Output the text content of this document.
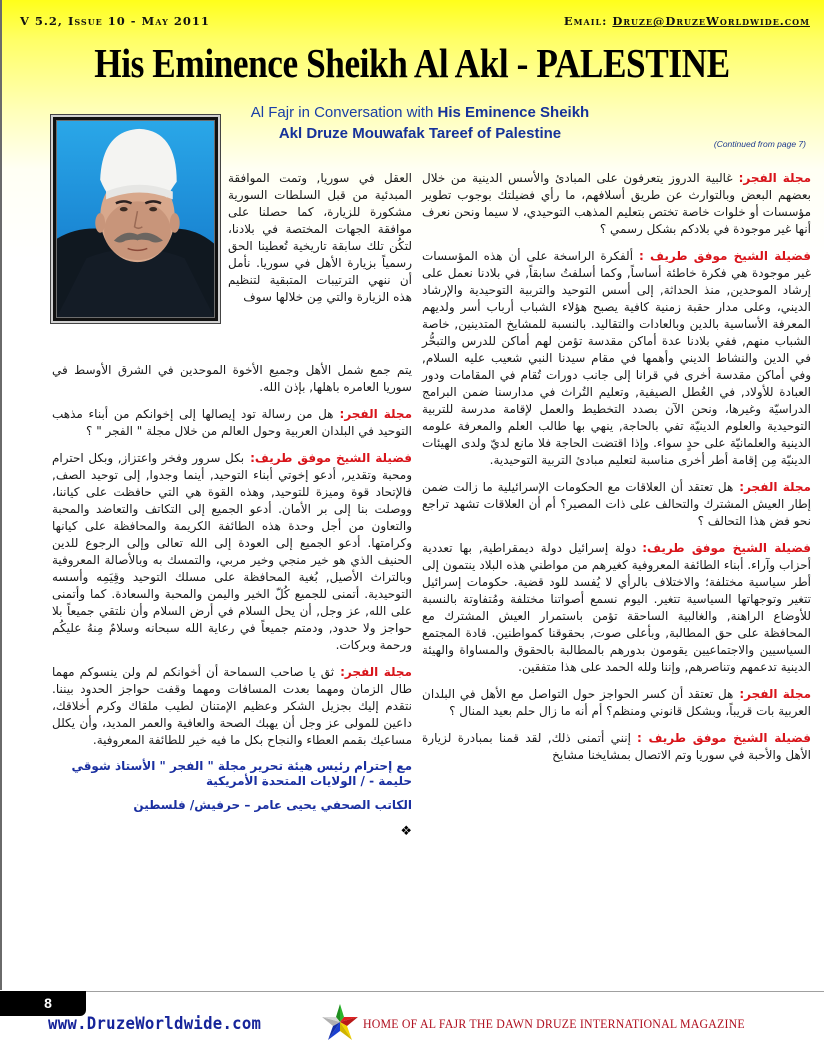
V 5.2, Issue 10 - May 2011	Email: Druze@DruzeWorldwide.com
His Eminence Sheikh Al Akl - PALESTINE
Al Fajr in Conversation with His Eminence Sheikh
Akl Druze Mouwafak Tareef of Palestine
(Continued from page 7)

مجلة الفجر:غالبية الدروز يتعرفون على المبادئ والأسس الدينية من خلال بعضهم البعض وبالتوارث عن طريق أسلافهم، ما رأي فضيلتك بوجوب تطوير مؤسسات أو خلوات خاصة تختص بتعليم المذهب التوحيدي، لا سيما ونحن نعرف أنها غير موجودة في بلادكم بشكل رسمي ؟

فضيلة الشيخ موفق طريف :ألفكرة الراسخة على أن هذه المؤسسات غير موجودة هي فكرة خاطئة أساساً, وكما أسلفتُ سابقاً, في بلادنا نعمل على إرشاد الموحدين, منذ الحداثة, إلى أسس التوحيد والتربية التوحيدية والإرشاد الديني، وعلى مدار حقبة زمنية كافية يصبح هؤلاء الشباب أرباب أسر ولديهم المعرفة الأساسية بالدين وبالعادات والتقاليد. بالنسبة للمشايخ المتدينين, خاصة الشباب منهم, ففي بلادنا عدة أماكن مقدسة تؤمن لهم أماكن للدرس والتبحُّر في الدين والنشاط الديني وأهمها في مقام سيدنا النبي شعيب عليه السلام, وفي أماكن مقدسة أخرى في قرانا إلى جانب دورات تُقام في المقامات ودور العبادة للأولاد, في العُطل الصيفية, وتعليم التُراث في مدارسنا ضمن البرامج الدراسيّة وغيرها، ونحن الآن بصدد التخطيط والعمل لإقامة مدرسة للتربية التوحيدية والعلوم الدينيّة تفي بالحاجة, ينهي بها طالب العلم والمعرفة علومه الدينية والعلمانيّة على حدٍ سواء. وإذا اقتضت الحاجة فلا مانع لديّ ولدى الهيئات الدينيّة مِن إقامة أطر أخرى مناسبة لتعليم مبادئ التربية التوحيدية.

مجلة الفجر:هل تعتقد أن العلاقات مع الحكومات الإسرائيلية ما زالت ضمن إطار العيش المشترك والتحالف على ذات المصير؟ أم أن العلاقات تشهد تراجع نحو فض هذا التحالف ؟

فضيلة الشيخ موفق طريف:دولة إسرائيل دولة ديمقراطية, بها تعددية أحزاب وآراء. أبناء الطائفة المعروفية كغيرهم من مواطني هذه البلاد ينتمون إلى أطر سياسية مختلفة؛ والاختلاف بالرأي لا يُفسد للود قضية. حكومات إسرائيل تتغير وتوجهاتها السياسية تتغير. اليوم نسمع أصواتنا مختلفة ومُتفاوتة بالنسبة للأوضاع الراهنة, والغالبية الساحقة تؤمن باستمرار العيش المشترك مع المحافظة على حق المطالبة, وبأعلى صوت, بحقوقنا كمواطنين. قادة المجتمع السياسيين والاجتماعيين يقومون بدورهم بالمطالبة بالحقوق والمساواة والهيئة الدينية تدعمهم وتناصرهم, وإننا ولله الحمد على هذا متفقين.

مجلة الفجر:هل تعتقد أن كسر الحواجز حول التواصل مع الأهل في البلدان العربية بات قريباً، وبشكل قانوني ومنظم؟ أم أنه ما زال حلم بعيد المنال ؟

فضيلة الشيخ موفق طريف :إنني أتمنى ذلك, لقد قمنا بمبادرة لزيارة الأهل والأحبة في سوريا وتم الاتصال بمشايخنا مشايخ

العقل في سوريا, وتمت الموافقة المبدئية من قبل السلطات السورية مشكورة للزيارة، كما حصلنا على موافقة الجهات المختصة في بلادنا، لتكُن تلك سابقة تاريخية تُعطينا الحق رسمياً بزيارة الأهل في سوريا. نأمل أن ننهي الترتيبات المتبقية لتنظيم هذه الزيارة والتي مِن خلالها سوف

يتم جمع شمل الأهل وجميع الأخوة الموحدين في الشرق الأوسط في سوريا العامره باهلها, بإذن الله.

مجلة الفجر:هل من رسالة تود إيصالها إلى إخوانكم من أبناء مذهب التوحيد في البلدان العربية وحول العالم من خلال مجلة " الفجر " ؟

فضيلة الشيخ موفق طريف:بكل سرور وفخر واعتزاز, وبكل احترام ومحبة وتقدير, أدعو إخوتي أبناء التوحيد, أينما وجدوا, إلى توحيد الصف, فالإتحاد قوة وميزة للتوحيد, وهذه القوة هي التي حافظت على كياننا، ووصلت بنا إلى بر الأمان. أدعو الجميع إلى التكاتف والتعاضد والمحبة والتعاون من أجل وحدة هذه الطائفة الكريمة والمحافظة على كيانها وكرامتها. أدعو الجميع إلى العودة إلى الله تعالى وإلى الرجوع للدين الحنيف الذي هو خير منجي وخير مربي، والتمسك به وبالأصالة المعروفية وبالتراث الأصيل, بُغية المحافظة على مسلك التوحيد وقِيَمِه وأسسه التوحيدية. أتمنى للجميع كُلّ الخير واليمن والمحبة والسعادة. كما وأتمنى على الله, عز وجل, أن يحل السلام في أرض السلام وأن نلتقي جميعاً بلا حواجز ولا حدود, ودمتم جميعاً في رعاية الله سبحانه وسلامٌ مِنهُ عليكُم ورحمة وبركات.

مجلة الفجر:ثق يا صاحب السماحة أن أخوانكم لم ولن ينسوكم مهما طال الزمان ومهما بعدت المسافات ومهما وقفت حواجز الحدود بيننا. نتقدم إليك بجزيل الشكر وعظيم الإمتنان لطيب ملقاك وكرم أخلاقك، داعين للمولى عز وجل أن يهبك الصحة والعافية والعمر المديد، وأن يكلل مساعيك بقمم العطاء والنجاح بكل ما فيه خير للطائفة المعروفية.

مع إحترام رئيس هيئة تحرير مجلة " الفجر " الأستاذ شوقي حليمة - / الولايات المتحدة الأمريكية
الكاتب الصحفي يحيى عامر – حرفيش/ فلسطين
❖
8
www.DruzeWorldwide.com	HOME OF AL FAJR THE DAWN DRUZE INTERNATIONAL MAGAZINE
